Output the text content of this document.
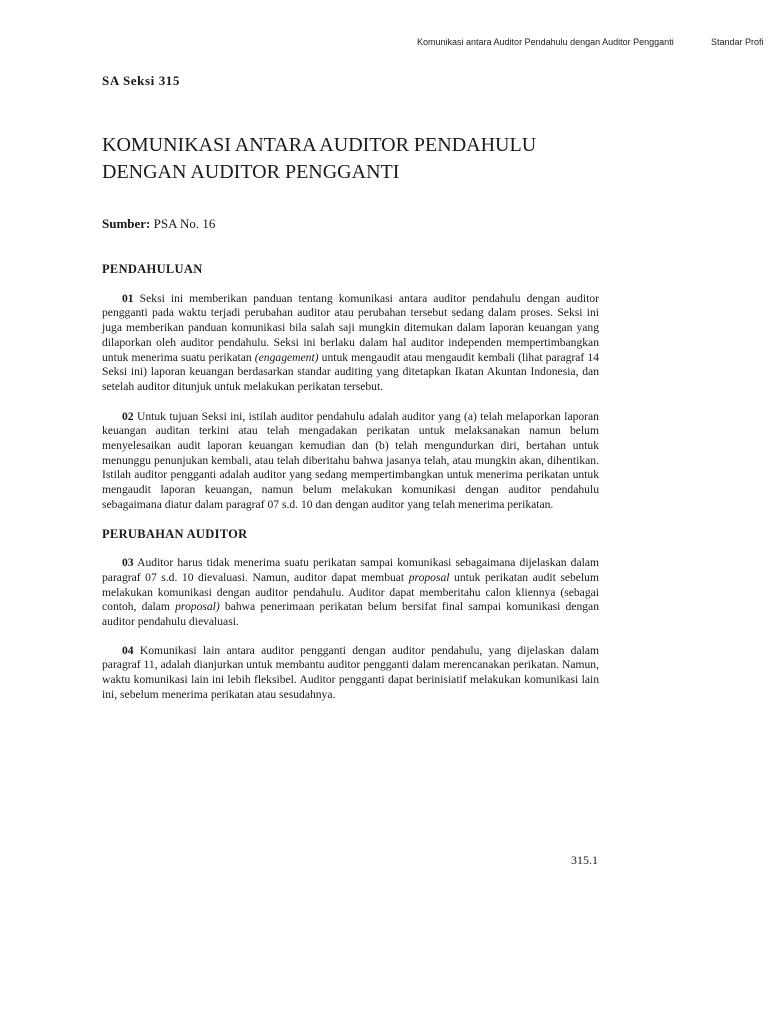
Komunikasi antara Auditor Pendahulu dengan Auditor Pengganti	Standar Profi
SA Seksi 315
KOMUNIKASI ANTARA AUDITOR PENDAHULU
DENGAN AUDITOR PENGGANTI
Sumber: PSA No. 16
PENDAHULUAN

01 Seksi ini memberikan panduan tentang komunikasi antara auditor pendahulu dengan auditor pengganti pada waktu terjadi perubahan auditor atau perubahan tersebut sedang dalam proses. Seksi ini juga memberikan panduan komunikasi bila salah saji mungkin ditemukan dalam laporan keuangan yang dilaporkan oleh auditor pendahulu. Seksi ini berlaku dalam hal auditor independen mempertimbangkan untuk menerima suatu perikatan (engagement) untuk mengaudit atau mengaudit kembali (lihat paragraf 14 Seksi ini) laporan keuangan berdasarkan standar auditing yang ditetapkan Ikatan Akuntan Indonesia, dan setelah auditor ditunjuk untuk melakukan perikatan tersebut.

02 Untuk tujuan Seksi ini, istilah auditor pendahulu adalah auditor yang (a) telah melaporkan laporan keuangan auditan terkini atau telah mengadakan perikatan untuk melaksanakan namun belum menyelesaikan audit laporan keuangan kemudian dan (b) telah mengundurkan diri, bertahan untuk menunggu penunjukan kembali, atau telah diberitahu bahwa jasanya telah, atau mungkin akan, dihentikan. Istilah auditor pengganti adalah auditor yang sedang mempertimbangkan untuk menerima perikatan untuk mengaudit laporan keuangan, namun belum melakukan komunikasi dengan auditor pendahulu sebagaimana diatur dalam paragraf 07 s.d. 10 dan dengan auditor yang telah menerima perikatan.

PERUBAHAN AUDITOR

03 Auditor harus tidak menerima suatu perikatan sampai komunikasi sebagaimana dijelaskan dalam paragraf 07 s.d. 10 dievaluasi. Namun, auditor dapat membuat proposal untuk perikatan audit sebelum melakukan komunikasi dengan auditor pendahulu. Auditor dapat memberitahu calon kliennya (sebagai contoh, dalam proposal) bahwa penerimaan perikatan belum bersifat final sampai komunikasi dengan auditor pendahulu dievaluasi.

04 Komunikasi lain antara auditor pengganti dengan auditor pendahulu, yang dijelaskan dalam paragraf 11, adalah dianjurkan untuk membantu auditor pengganti dalam merencanakan perikatan. Namun, waktu komunikasi lain ini lebih fleksibel. Auditor pengganti dapat berinisiatif melakukan komunikasi lain ini, sebelum menerima perikatan atau sesudahnya.

315.1
